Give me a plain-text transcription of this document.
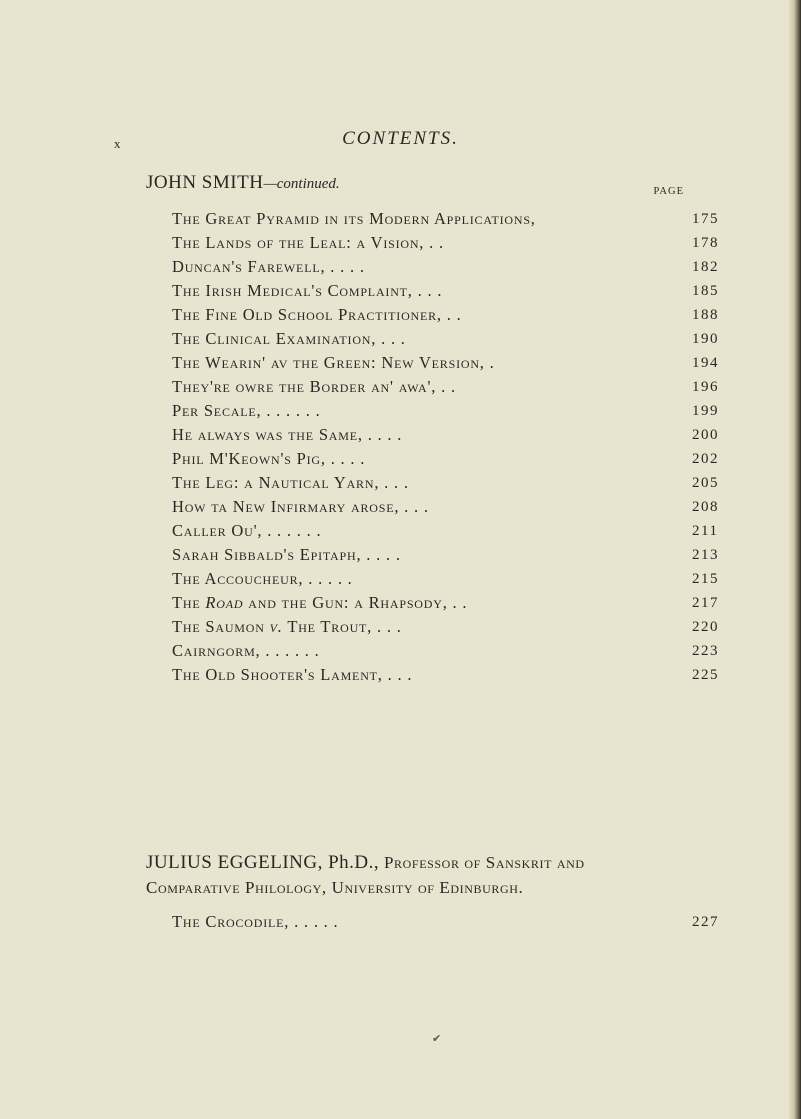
x	CONTENTS.
JOHN SMITH—continued.	PAGE
The Great Pyramid in its Modern Applications,	175
The Lands of the Leal: a Vision, . .	178
Duncan's Farewell, . . . .	182
The Irish Medical's Complaint, . . .	185
The Fine Old School Practitioner, . .	188
The Clinical Examination, . . .	190
The Wearin' av the Green: New Version, .	194
They're owre the Border an' awa', . .	196
Per Secale, . . . . . .	199
He always was the Same, . . . .	200
Phil M'Keown's Pig, . . . .	202
The Leg: a Nautical Yarn, . . .	205
How ta New Infirmary arose, . . .	208
Caller Ou', . . . . . .	211
Sarah Sibbald's Epitaph, . . . .	213
The Accoucheur, . . . . .	215
The Road and the Gun: a Rhapsody, . .	217
The Saumon v. The Trout, . . .	220
Cairngorm, . . . . . .	223
The Old Shooter's Lament, . . .	225
JULIUS EGGELING, Ph.D., Professor of Sanskrit and
Comparative Philology, University of Edinburgh.
The Crocodile, . . . . .	227
✔
